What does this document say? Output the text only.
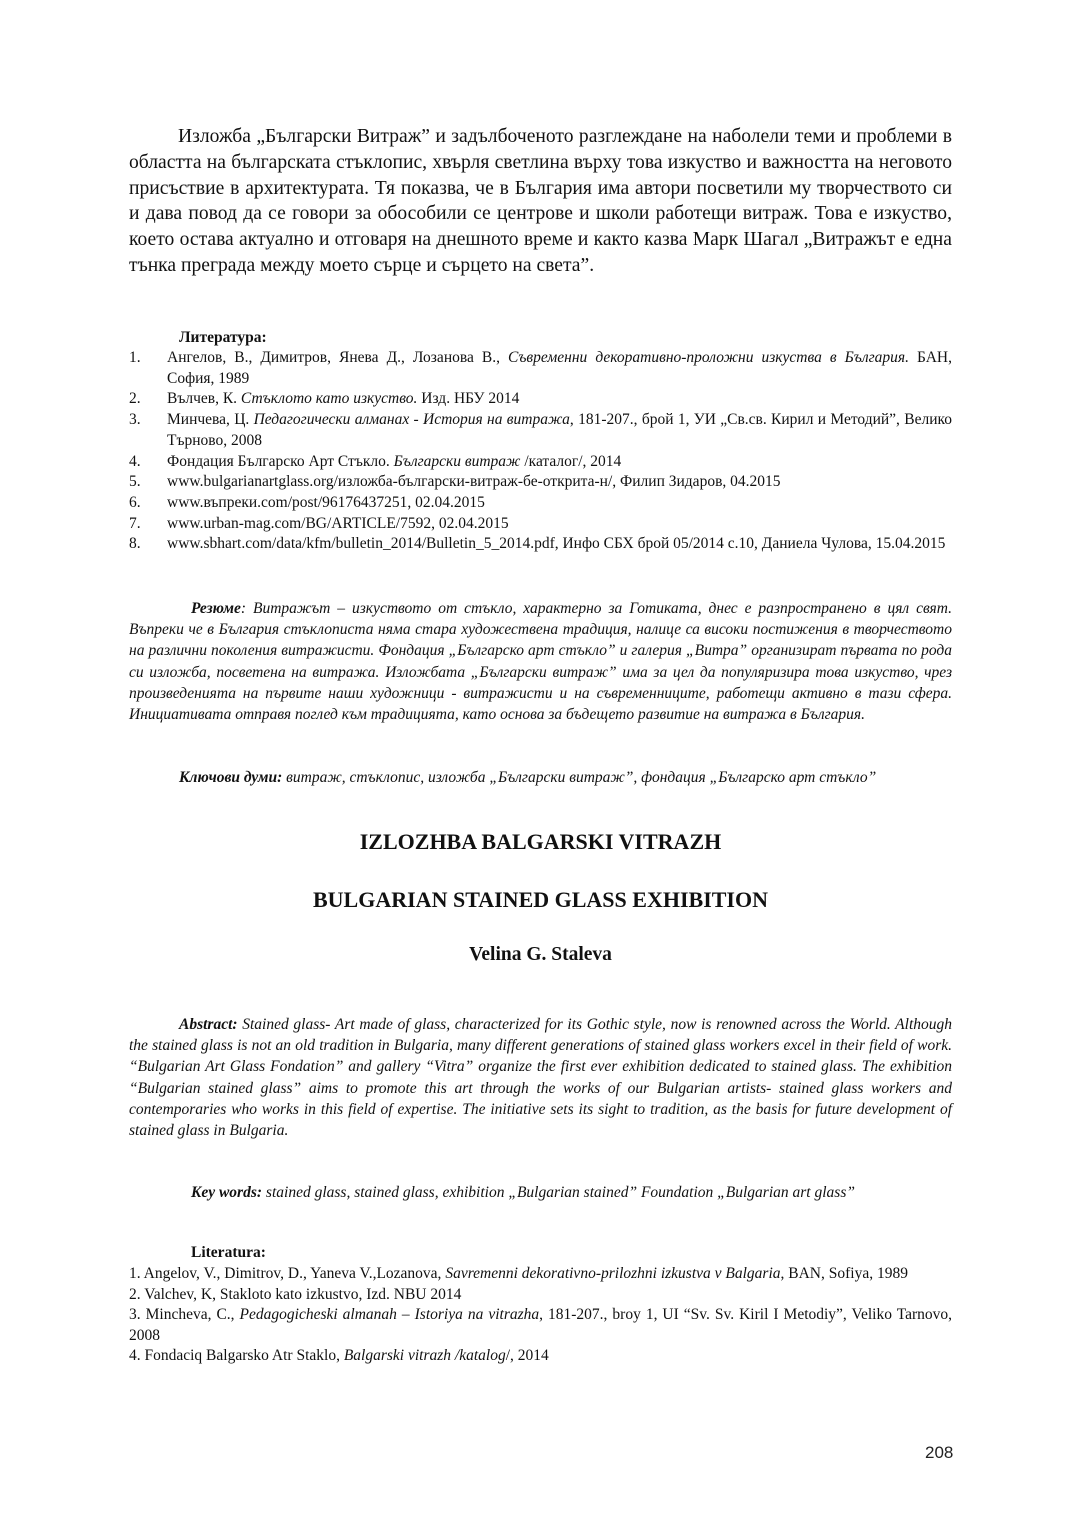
Изложба „Български Витраж” и задълбоченото разглеждане на наболели теми и проблеми в областта на българската стъклопис, хвърля светлина върху това изкуство и важността на неговото присъствие в архитектурата. Тя показва, че в България има автори посветили му творчеството си и дава повод да се говори за обособили се центрове и школи работещи витраж. Това е изкуство, което остава актуално и отговаря на днешното време и както казва Марк Шагал „Витражът е една тънка преграда между моето сърце и сърцето на света”.

Литература:
1. Ангелов, В., Димитров, Янева Д., Лозанова В., Съвременни декоративно-проложни изкуства в България. БАН, София, 1989
2. Вълчев, К. Стъклото като изкуство. Изд. НБУ 2014
3. Минчева, Ц. Педагогически алманах - История на витража, 181-207., брой 1, УИ „Св.св. Кирил и Методий”, Велико Търново, 2008
4. Фондация Българско Арт Стъкло. Български витраж /каталог/, 2014
5. www.bulgarianartglass.org/изложба-български-витраж-бе-открита-н/, Филип Зидаров, 04.2015
6. www.въпреки.com/post/96176437251, 02.04.2015
7. www.urban-mag.com/BG/ARTICLE/7592, 02.04.2015
8. www.sbhart.com/data/kfm/bulletin_2014/Bulletin_5_2014.pdf, Инфо СБХ брой 05/2014 с.10, Даниела Чулова, 15.04.2015

Резюме: Витражът – изкуството от стъкло, характерно за Готиката, днес е разпространено в цял свят. Въпреки че в България стъклописта няма стара художествена традиция, налице са високи постижения в творчеството на различни поколения витражисти. Фондация „Българско арт стъкло” и галерия „Витра” организират първата по рода си изложба, посветена на витража. Изложбата „Български витраж” има за цел да популяризира това изкуство, чрез произведенията на първите наши художници - витражисти и на съвременниците, работещи активно в тази сфера. Инициативата отправя поглед към традицията, като основа за бъдещето развитие на витража в България.

Ключови думи: витраж, стъклопис, изложба „Български витраж”, фондация „Българско арт стъкло”

IZLOZHBA BALGARSKI VITRAZH
BULGARIAN STAINED GLASS EXHIBITION

Velina G. Staleva

Abstract: Stained glass- Art made of glass, characterized for its Gothic style, now is renowned across the World. Although the stained glass is not an old tradition in Bulgaria, many different generations of stained glass workers excel in their field of work. “Bulgarian Art Glass Fondation” and gallery “Vitra” organize the first ever exhibition dedicated to stained glass. The exhibition “Bulgarian stained glass” aims to promote this art through the works of our Bulgarian artists- stained glass workers and contemporaries who works in this field of expertise. The initiative sets its sight to tradition, as the basis for future development of stained glass in Bulgaria.

Key words: stained glass, stained glass, exhibition „Bulgarian stained” Foundation „Bulgarian art glass”

Literatura:
1. Angelov, V., Dimitrov, D., Yaneva V.,Lozanova, Savremenni dekorativno-prilozhni izkustva v Balgaria, BAN, Sofiya, 1989
2. Valchev, K, Stakloto kato izkustvo, Izd. NBU 2014
3. Mincheva, C., Pedagogicheski almanah – Istoriya na vitrazha, 181-207., broy 1, UI “Sv. Sv. Kiril I Metodiy”, Veliko Tarnovo, 2008
4. Fondaciq Balgarsko Atr Staklo, Balgarski vitrazh /katalog/, 2014
208
